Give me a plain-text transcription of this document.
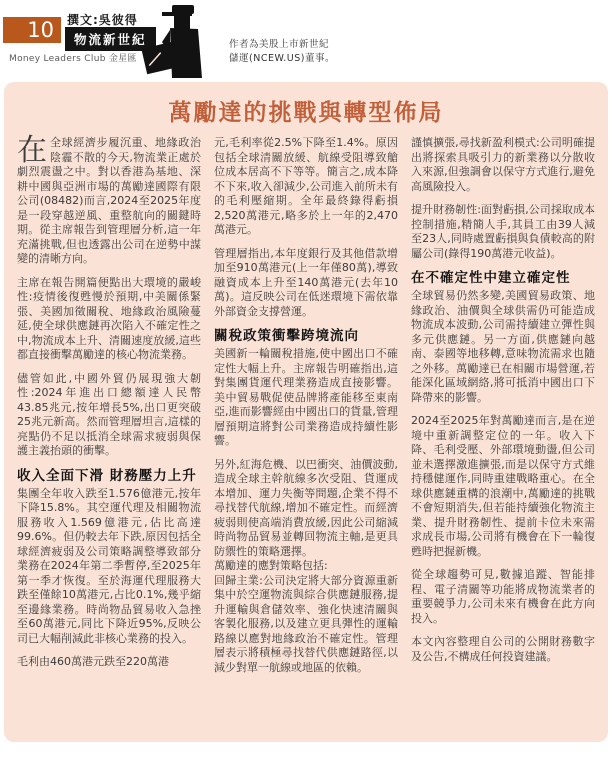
10 撰文:吳彼得
物流新世紀
Money Leaders Club 金星匯
作者為美股上市新世紀
儲運(NCEW.US)董事。
萬勵達的挑戰與轉型佈局

在全球經濟步履沉重、地緣政治陰霾不散的今天,物流業正處於劇烈震盪之中。對以香港為基地、深耕中國與亞洲市場的萬勵達國際有限公司(08482)而言,2024至2025年度是一段穿越逆風、重整航向的關鍵時期。從主席報告到管理層分析,這一年充滿挑戰,但也透露出公司在逆勢中謀變的清晰方向。

主席在報告開篇便點出大環境的嚴峻性:疫情後復甦慢於預期,中美關係緊張、美國加徵關稅、地緣政治風險蔓延,使全球供應鏈再次陷入不確定性之中,物流成本上升、清關速度放緩,這些都直接衝擊萬勵達的核心物流業務。

儘管如此,中國外貿仍展現強大韌性:2024年進出口總額達人民幣43.85兆元,按年增長5%,出口更突破25兆元新高。然而管理層坦言,這樣的亮點仍不足以抵消全球需求疲弱與保護主義抬頭的衝擊。

收入全面下滑 財務壓力上升

集團全年收入跌至1.576億港元,按年下降15.8%。其空運代理及相關物流服務收入1.569億港元,佔比高達99.6%。但仍較去年下跌,原因包括全球經濟疲弱及公司策略調整導致部分業務在2024年第二季暫停,至2025年第一季才恢復。至於海運代理服務大跌至僅餘10萬港元,占比0.1%,幾乎縮至邊緣業務。時尚物品貿易收入急挫至60萬港元,同比下降近95%,反映公司已大幅削減此非核心業務的投入。

毛利由460萬港元跌至220萬港

元,毛利率從2.5%下降至1.4%。原因包括全球清關放緩、航線受阻導致艙位成本居高不下等等。簡言之,成本降不下來,收入卻減少,公司進入前所未有的毛利壓縮期。全年最終錄得虧損2,520萬港元,略多於上一年的2,470萬港元。

管理層指出,本年度銀行及其他借款增加至910萬港元(上一年僅80萬),導致融資成本上升至140萬港元(去年10萬)。這反映公司在低迷環境下需依靠外部資金支撐營運。

關稅政策衝擊跨境流向

美國新一輪關稅措施,使中國出口不確定性大幅上升。主席報告明確指出,這對集團貨運代理業務造成直接影響。美中貿易戰促使品牌將產能移至東南亞,進而影響經由中國出口的貨量,管理層預期這將對公司業務造成持續性影響。

另外,紅海危機、以巴衝突、油價波動,造成全球主幹航線多次受阻、貨運成本增加、運力失衡等問題,企業不得不尋找替代航線,增加不確定性。而經濟疲弱則使高端消費放緩,因此公司縮減時尚物品貿易並轉回物流主軸,是更具防禦性的策略選擇。

萬勵達的應對策略包括:

回歸主業:公司決定將大部分資源重新集中於空運物流與綜合供應鏈服務,提升運輸與倉儲效率、強化快速清關與客製化服務,以及建立更具彈性的運輸路線以應對地緣政治不確定性。管理層表示將積極尋找替代供應鏈路徑,以減少對單一航線或地區的依賴。

謹慎擴張,尋找新盈利模式:公司明確提出將探索具吸引力的新業務以分散收入來源,但強調會以保守方式進行,避免高風險投入。

提升財務韌性:面對虧損,公司採取成本控制措施,精簡人手,其員工由39人減至23人,同時處置虧損與負債較高的附屬公司(錄得190萬港元收益)。

在不確定性中建立確定性

全球貿易仍然多變,美國貿易政策、地緣政治、油價與全球供需仍可能造成物流成本波動,公司需持續建立彈性與多元供應鏈。另一方面,供應鏈向越南、泰國等地移轉,意味物流需求也隨之外移。萬勵達已在相關市場營運,若能深化區域網絡,將可抵消中國出口下降帶來的影響。

2024至2025年對萬勵達而言,是在逆境中重新調整定位的一年。收入下降、毛利受壓、外部環境動盪,但公司並未選擇激進擴張,而是以保守方式維持穩健運作,同時重建戰略重心。在全球供應鏈重構的浪潮中,萬勵達的挑戰不會短期消失,但若能持續強化物流主業、提升財務韌性、提前卡位未來需求成長市場,公司將有機會在下一輪復甦時把握新機。

從全球趨勢可見,數據追蹤、智能排程、電子清關等功能將成物流業者的重要競爭力,公司未來有機會在此方向投入。

本文內容整理自公司的公開財務數字及公告,不構成任何投資建議。
